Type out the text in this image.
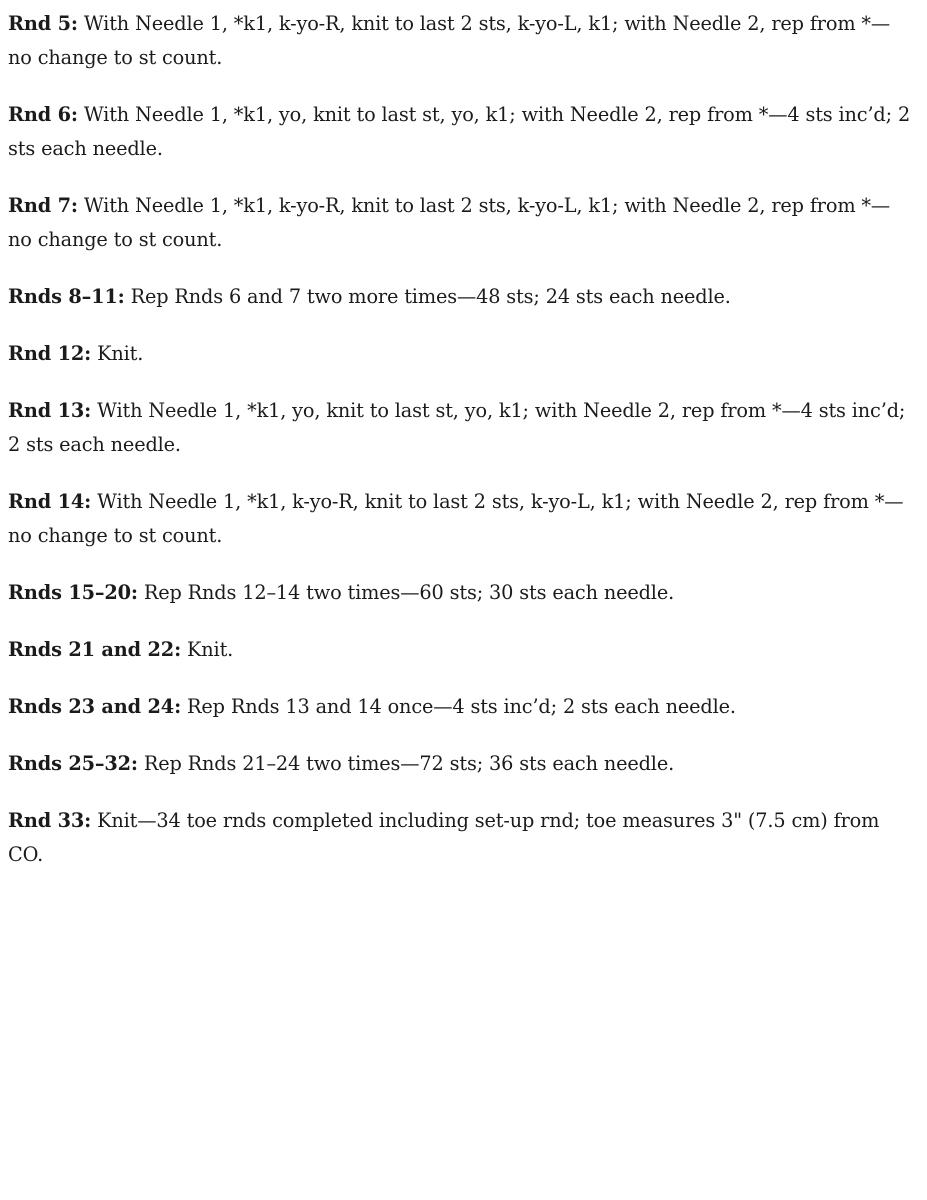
Rnd 5: With Needle 1, *k1, k-yo-R, knit to last 2 sts, k-yo-L, k1; with Needle 2, rep from *—no change to st count.

Rnd 6: With Needle 1, *k1, yo, knit to last st, yo, k1; with Needle 2, rep from *—4 sts inc’d; 2 sts each needle.

Rnd 7: With Needle 1, *k1, k-yo-R, knit to last 2 sts, k-yo-L, k1; with Needle 2, rep from *—no change to st count.

Rnds 8–11: Rep Rnds 6 and 7 two more times—48 sts; 24 sts each needle.

Rnd 12: Knit.

Rnd 13: With Needle 1, *k1, yo, knit to last st, yo, k1; with Needle 2, rep from *—4 sts inc’d; 2 sts each needle.

Rnd 14: With Needle 1, *k1, k-yo-R, knit to last 2 sts, k-yo-L, k1; with Needle 2, rep from *—no change to st count.

Rnds 15–20: Rep Rnds 12–14 two times—60 sts; 30 sts each needle.

Rnds 21 and 22: Knit.

Rnds 23 and 24: Rep Rnds 13 and 14 once—4 sts inc’d; 2 sts each needle.

Rnds 25–32: Rep Rnds 21–24 two times—72 sts; 36 sts each needle.

Rnd 33: Knit—34 toe rnds completed including set-up rnd; toe measures 3" (7.5 cm) from CO.
